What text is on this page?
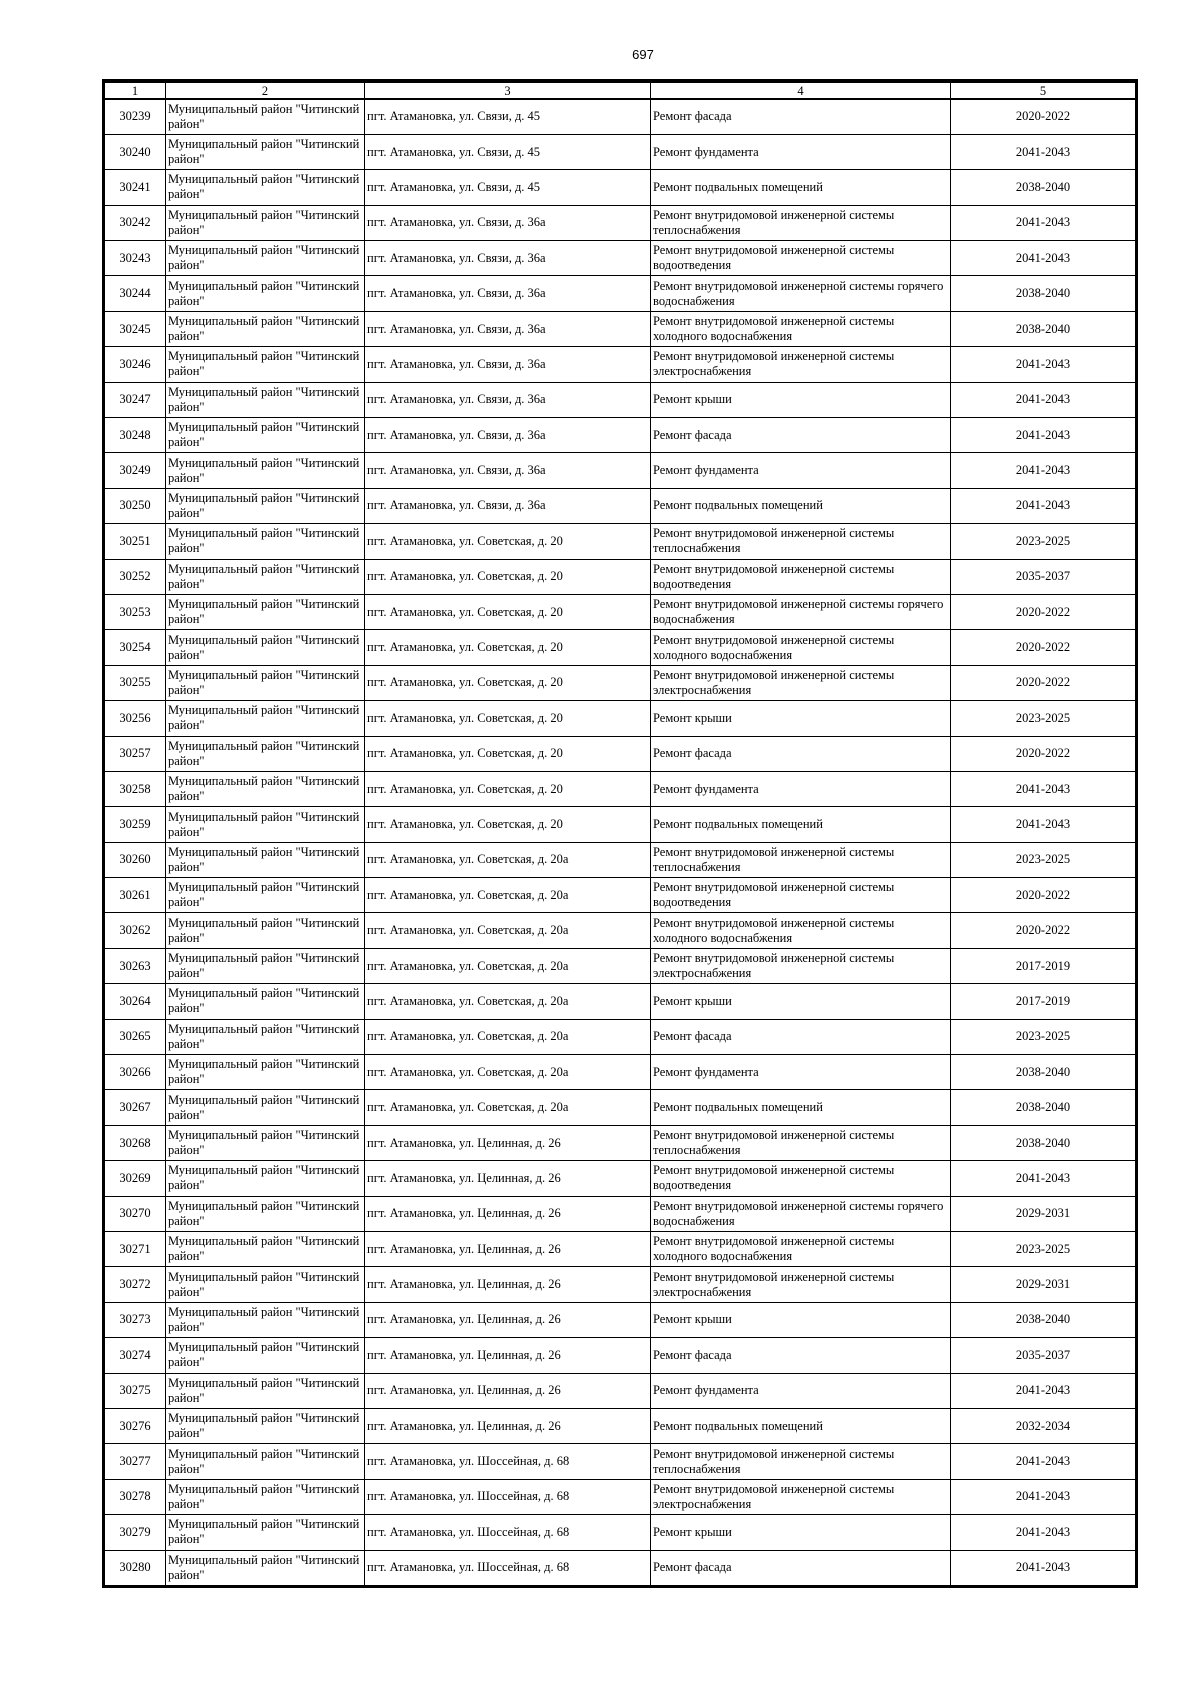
697
1	2	3	4	5
30239	Муниципальный район "Читинский район"	пгт. Атамановка, ул. Связи, д. 45	Ремонт фасада	2020-2022
30240	Муниципальный район "Читинский район"	пгт. Атамановка, ул. Связи, д. 45	Ремонт фундамента	2041-2043
30241	Муниципальный район "Читинский район"	пгт. Атамановка, ул. Связи, д. 45	Ремонт подвальных помещений	2038-2040
30242	Муниципальный район "Читинский район"	пгт. Атамановка, ул. Связи, д. 36а	Ремонт внутридомовой инженерной системы теплоснабжения	2041-2043
30243	Муниципальный район "Читинский район"	пгт. Атамановка, ул. Связи, д. 36а	Ремонт внутридомовой инженерной системы водоотведения	2041-2043
30244	Муниципальный район "Читинский район"	пгт. Атамановка, ул. Связи, д. 36а	Ремонт внутридомовой инженерной системы горячего водоснабжения	2038-2040
30245	Муниципальный район "Читинский район"	пгт. Атамановка, ул. Связи, д. 36а	Ремонт внутридомовой инженерной системы холодного водоснабжения	2038-2040
30246	Муниципальный район "Читинский район"	пгт. Атамановка, ул. Связи, д. 36а	Ремонт внутридомовой инженерной системы электроснабжения	2041-2043
30247	Муниципальный район "Читинский район"	пгт. Атамановка, ул. Связи, д. 36а	Ремонт крыши	2041-2043
30248	Муниципальный район "Читинский район"	пгт. Атамановка, ул. Связи, д. 36а	Ремонт фасада	2041-2043
30249	Муниципальный район "Читинский район"	пгт. Атамановка, ул. Связи, д. 36а	Ремонт фундамента	2041-2043
30250	Муниципальный район "Читинский район"	пгт. Атамановка, ул. Связи, д. 36а	Ремонт подвальных помещений	2041-2043
30251	Муниципальный район "Читинский район"	пгт. Атамановка, ул. Советская, д. 20	Ремонт внутридомовой инженерной системы теплоснабжения	2023-2025
30252	Муниципальный район "Читинский район"	пгт. Атамановка, ул. Советская, д. 20	Ремонт внутридомовой инженерной системы водоотведения	2035-2037
30253	Муниципальный район "Читинский район"	пгт. Атамановка, ул. Советская, д. 20	Ремонт внутридомовой инженерной системы горячего водоснабжения	2020-2022
30254	Муниципальный район "Читинский район"	пгт. Атамановка, ул. Советская, д. 20	Ремонт внутридомовой инженерной системы холодного водоснабжения	2020-2022
30255	Муниципальный район "Читинский район"	пгт. Атамановка, ул. Советская, д. 20	Ремонт внутридомовой инженерной системы электроснабжения	2020-2022
30256	Муниципальный район "Читинский район"	пгт. Атамановка, ул. Советская, д. 20	Ремонт крыши	2023-2025
30257	Муниципальный район "Читинский район"	пгт. Атамановка, ул. Советская, д. 20	Ремонт фасада	2020-2022
30258	Муниципальный район "Читинский район"	пгт. Атамановка, ул. Советская, д. 20	Ремонт фундамента	2041-2043
30259	Муниципальный район "Читинский район"	пгт. Атамановка, ул. Советская, д. 20	Ремонт подвальных помещений	2041-2043
30260	Муниципальный район "Читинский район"	пгт. Атамановка, ул. Советская, д. 20а	Ремонт внутридомовой инженерной системы теплоснабжения	2023-2025
30261	Муниципальный район "Читинский район"	пгт. Атамановка, ул. Советская, д. 20а	Ремонт внутридомовой инженерной системы водоотведения	2020-2022
30262	Муниципальный район "Читинский район"	пгт. Атамановка, ул. Советская, д. 20а	Ремонт внутридомовой инженерной системы холодного водоснабжения	2020-2022
30263	Муниципальный район "Читинский район"	пгт. Атамановка, ул. Советская, д. 20а	Ремонт внутридомовой инженерной системы электроснабжения	2017-2019
30264	Муниципальный район "Читинский район"	пгт. Атамановка, ул. Советская, д. 20а	Ремонт крыши	2017-2019
30265	Муниципальный район "Читинский район"	пгт. Атамановка, ул. Советская, д. 20а	Ремонт фасада	2023-2025
30266	Муниципальный район "Читинский район"	пгт. Атамановка, ул. Советская, д. 20а	Ремонт фундамента	2038-2040
30267	Муниципальный район "Читинский район"	пгт. Атамановка, ул. Советская, д. 20а	Ремонт подвальных помещений	2038-2040
30268	Муниципальный район "Читинский район"	пгт. Атамановка, ул. Целинная, д. 26	Ремонт внутридомовой инженерной системы теплоснабжения	2038-2040
30269	Муниципальный район "Читинский район"	пгт. Атамановка, ул. Целинная, д. 26	Ремонт внутридомовой инженерной системы водоотведения	2041-2043
30270	Муниципальный район "Читинский район"	пгт. Атамановка, ул. Целинная, д. 26	Ремонт внутридомовой инженерной системы горячего водоснабжения	2029-2031
30271	Муниципальный район "Читинский район"	пгт. Атамановка, ул. Целинная, д. 26	Ремонт внутридомовой инженерной системы холодного водоснабжения	2023-2025
30272	Муниципальный район "Читинский район"	пгт. Атамановка, ул. Целинная, д. 26	Ремонт внутридомовой инженерной системы электроснабжения	2029-2031
30273	Муниципальный район "Читинский район"	пгт. Атамановка, ул. Целинная, д. 26	Ремонт крыши	2038-2040
30274	Муниципальный район "Читинский район"	пгт. Атамановка, ул. Целинная, д. 26	Ремонт фасада	2035-2037
30275	Муниципальный район "Читинский район"	пгт. Атамановка, ул. Целинная, д. 26	Ремонт фундамента	2041-2043
30276	Муниципальный район "Читинский район"	пгт. Атамановка, ул. Целинная, д. 26	Ремонт подвальных помещений	2032-2034
30277	Муниципальный район "Читинский район"	пгт. Атамановка, ул. Шоссейная, д. 68	Ремонт внутридомовой инженерной системы теплоснабжения	2041-2043
30278	Муниципальный район "Читинский район"	пгт. Атамановка, ул. Шоссейная, д. 68	Ремонт внутридомовой инженерной системы электроснабжения	2041-2043
30279	Муниципальный район "Читинский район"	пгт. Атамановка, ул. Шоссейная, д. 68	Ремонт крыши	2041-2043
30280	Муниципальный район "Читинский район"	пгт. Атамановка, ул. Шоссейная, д. 68	Ремонт фасада	2041-2043
